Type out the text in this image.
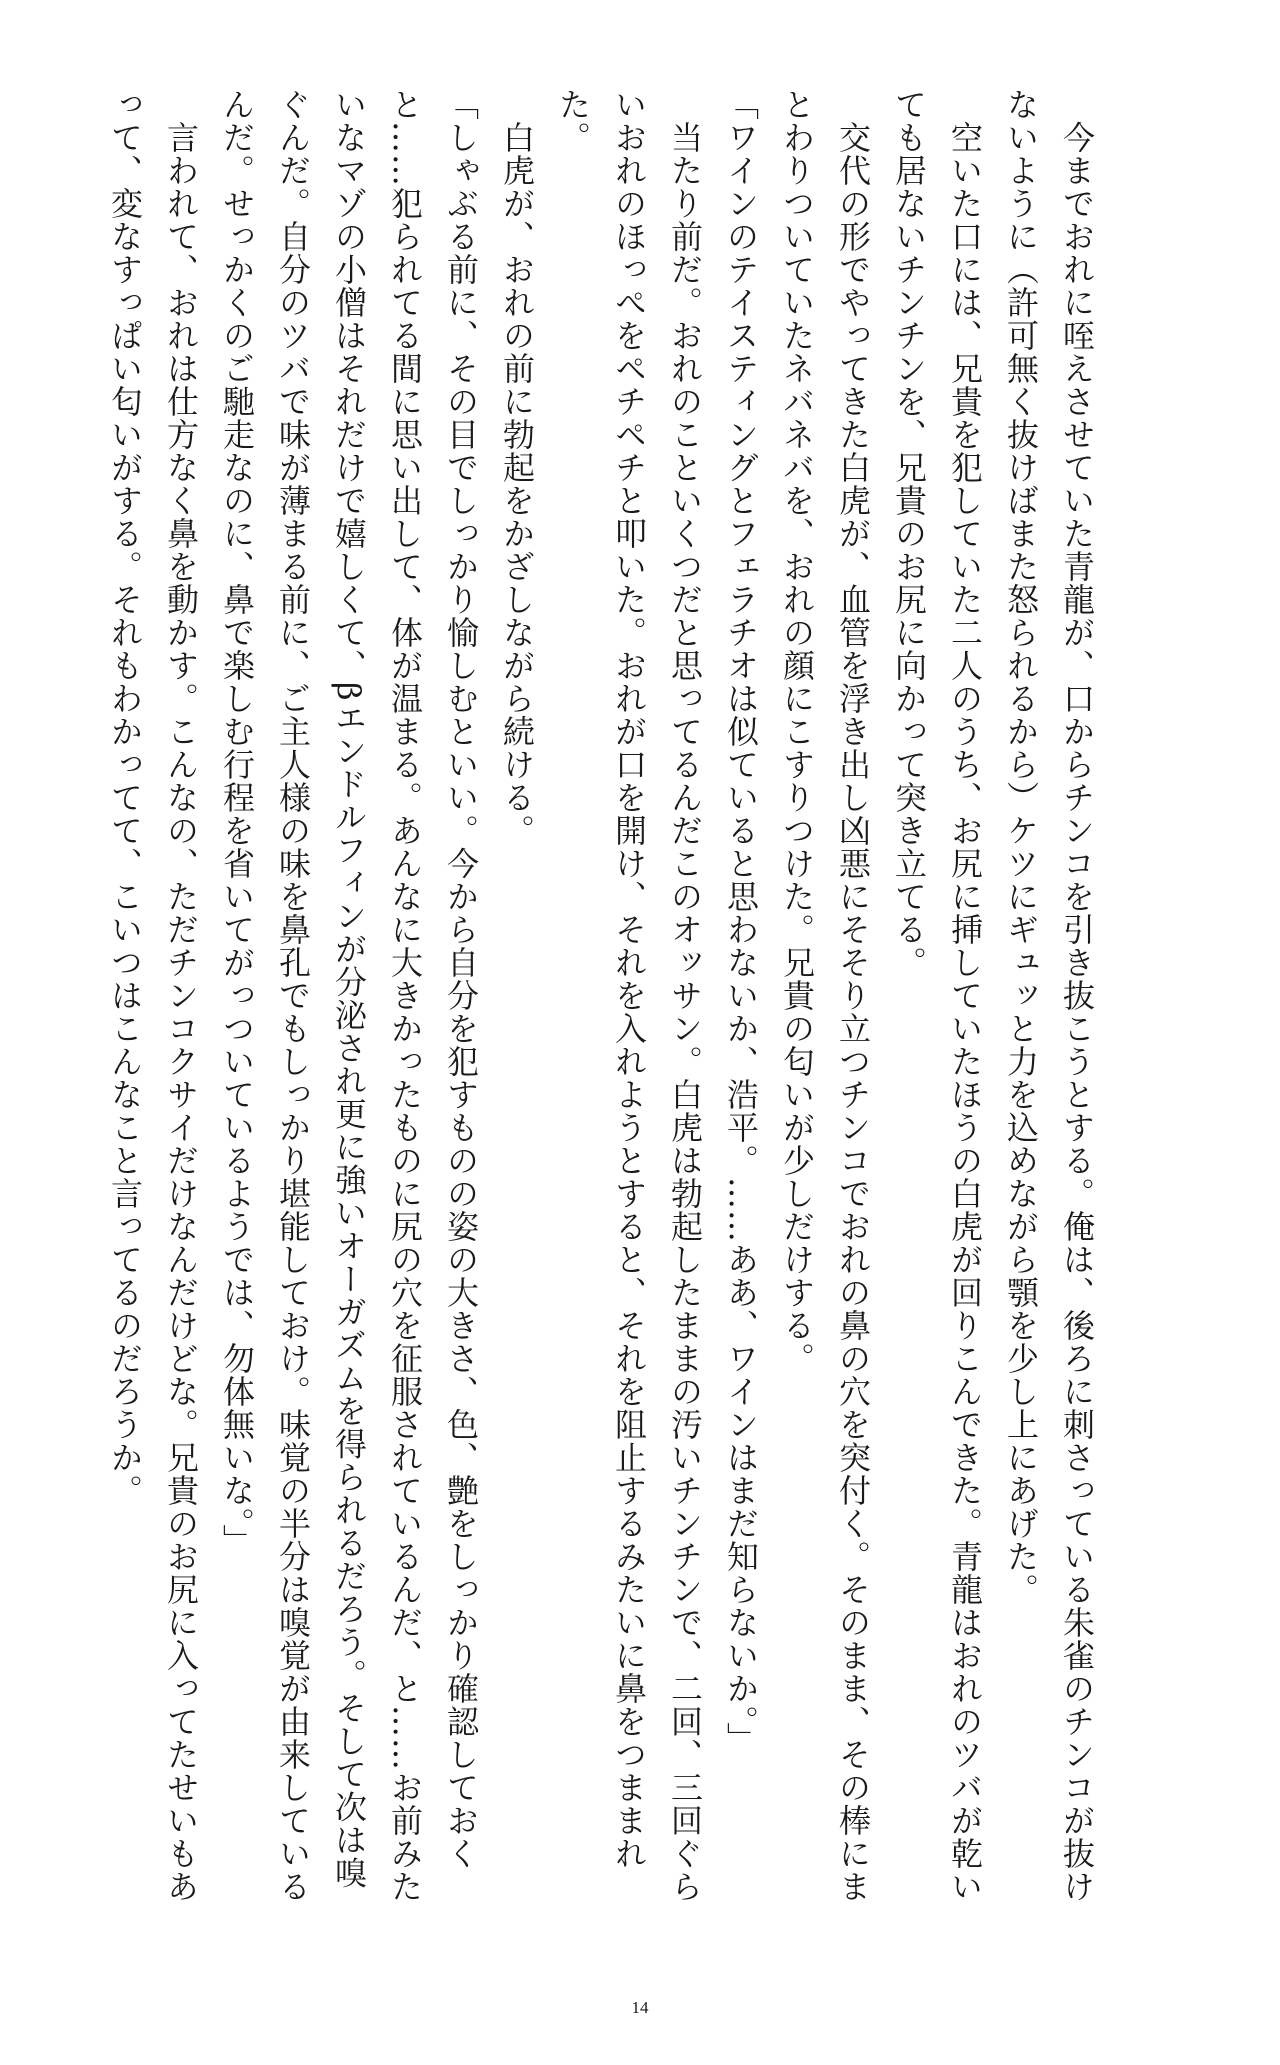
　今までおれに咥えさせていた青龍が、口からチンコを引き抜こうとする。俺は、後ろに刺さっている朱雀のチンコが抜けないように（許可無く抜けばまた怒られるから）ケツにギュッと力を込めながら顎を少し上にあげた。

　空いた口には、兄貴を犯していた二人のうち、お尻に挿していたほうの白虎が回りこんできた。青龍はおれのツバが乾いても居ないチンチンを、兄貴のお尻に向かって突き立てる。

　交代の形でやってきた白虎が、血管を浮き出し凶悪にそそり立つチンコでおれの鼻の穴を突付く。そのまま、その棒にまとわりついていたネバネバを、おれの顔にこすりつけた。兄貴の匂いが少しだけする。

「ワインのテイスティングとフェラチオは似ていると思わないか、浩平。……ああ、ワインはまだ知らないか。」

　当たり前だ。おれのこといくつだと思ってるんだこのオッサン。白虎は勃起したままの汚いチンチンで、二回、三回ぐらいおれのほっぺをペチペチと叩いた。おれが口を開け、それを入れようとすると、それを阻止するみたいに鼻をつままれた。

　白虎が、おれの前に勃起をかざしながら続ける。

「しゃぶる前に、その目でしっかり愉しむといい。今から自分を犯すものの姿の大きさ、色、艶をしっかり確認しておくと……犯られてる間に思い出して、体が温まる。あんなに大きかったものに尻の穴を征服されているんだ、と……お前みたいなマゾの小僧はそれだけで嬉しくて、βエンドルフィンが分泌され更に強いオーガズムを得られるだろう。そして次は嗅ぐんだ。自分のツバで味が薄まる前に、ご主人様の味を鼻孔でもしっかり堪能しておけ。味覚の半分は嗅覚が由来しているんだ。せっかくのご馳走なのに、鼻で楽しむ行程を省いてがっついているようでは、勿体無いな。」

　言われて、おれは仕方なく鼻を動かす。こんなの、ただチンコクサイだけなんだけどな。兄貴のお尻に入ってたせいもあって、変なすっぱい匂いがする。それもわかってて、こいつはこんなこと言ってるのだろうか。

14
